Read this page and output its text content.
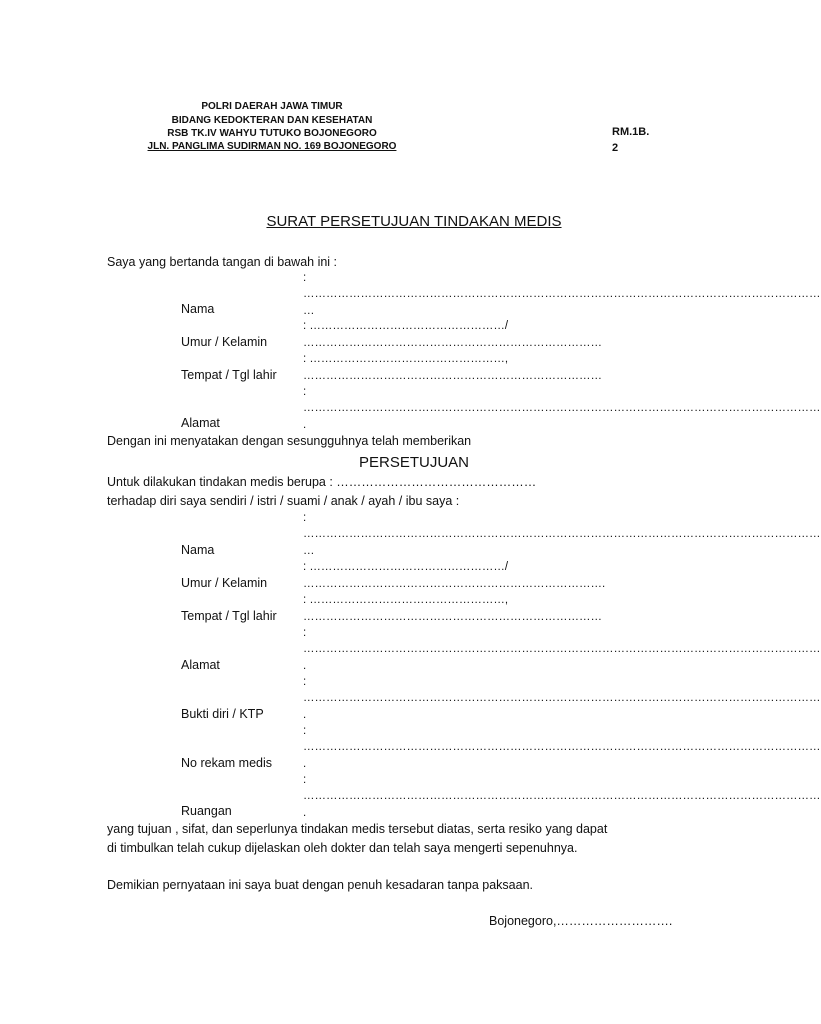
POLRI DAERAH JAWA TIMUR
BIDANG KEDOKTERAN DAN KESEHATAN
RSB TK.IV WAHYU TUTUKO BOJONEGORO
JLN. PANGLIMA SUDIRMAN NO. 169 BOJONEGORO
RM.1B.
2
SURAT PERSETUJUAN TINDAKAN MEDIS
Saya yang bertanda tangan di bawah ini :
:
………………………………………………………………………………………………………………………
…
Nama
: ……………………………………………/
……………………………………………………………………
Umur / Kelamin
: ……………………………………………,
……………………………………………………………………
Tempat / Tgl lahir
:
………………………………………………………………………………………………………………………
.
Alamat
Dengan ini menyatakan dengan sesungguhnya telah memberikan
PERSETUJUAN
Untuk dilakukan tindakan medis berupa : …………………………………………
terhadap diri saya sendiri / istri / suami / anak / ayah / ibu saya :
:
………………………………………………………………………………………………………………………
…
Nama
: ……………………………………………/
…………………………………………………………………….
Umur / Kelamin
: ……………………………………………,
……………………………………………………………………
Tempat / Tgl lahir
:
………………………………………………………………………………………………………………………
.
Alamat
:
………………………………………………………………………………………………………………………
.
Bukti diri / KTP
:
………………………………………………………………………………………………………………………
.
No rekam medis
:
………………………………………………………………………………………………………………………
.
Ruangan
yang tujuan , sifat, dan seperlunya tindakan medis tersebut diatas, serta resiko yang dapat
di timbulkan telah cukup dijelaskan oleh dokter dan telah saya mengerti sepenuhnya.
Demikian pernyataan ini saya buat dengan penuh kesadaran tanpa paksaan.
Bojonegoro,……………………….
